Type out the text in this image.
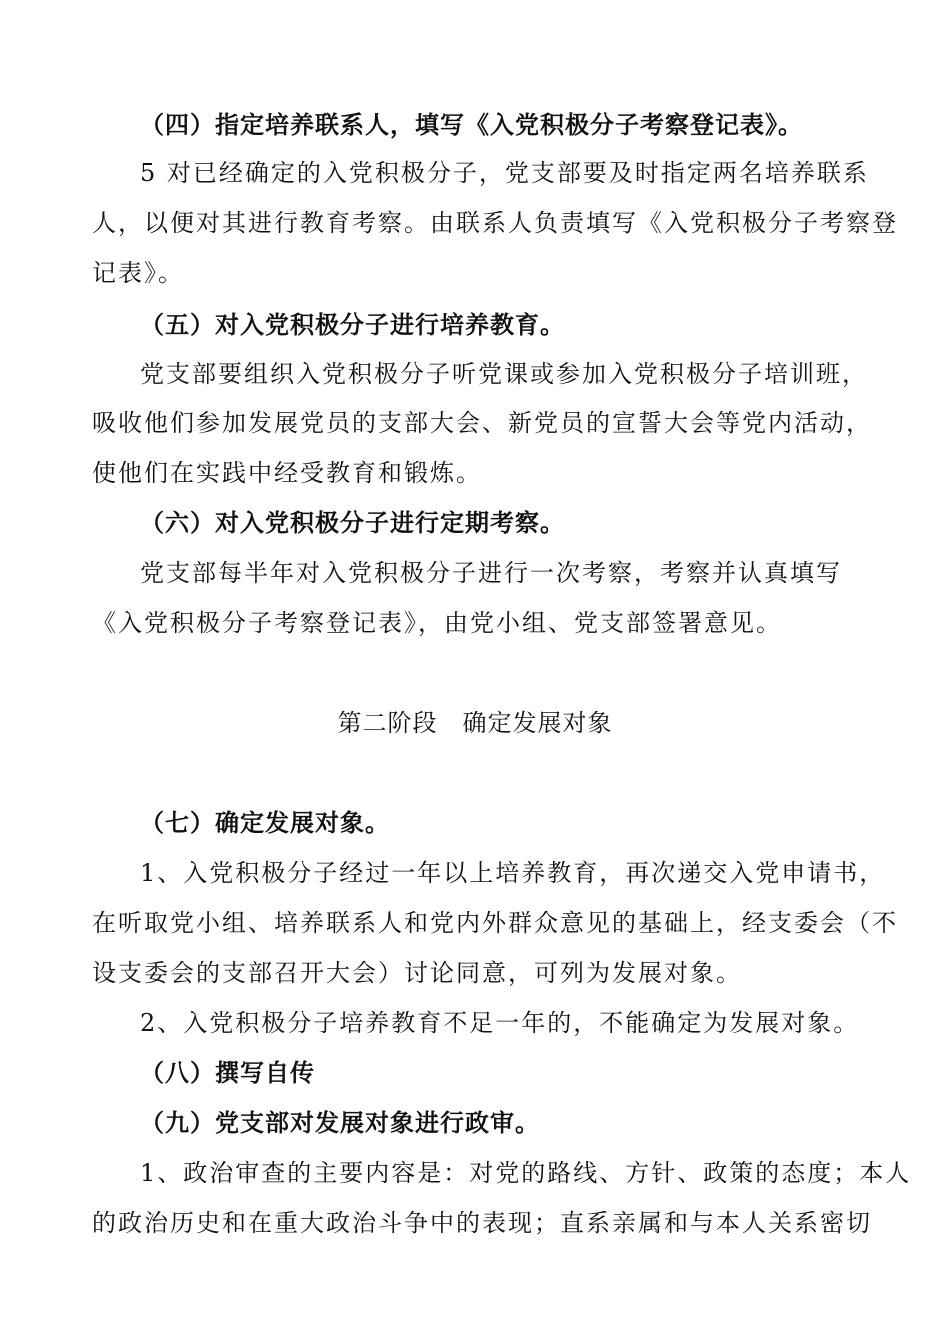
（四）指定培养联系人，填写《入党积极分子考察登记表》。
5 对已经确定的入党积极分子，党支部要及时指定两名培养联系
人，以便对其进行教育考察。由联系人负责填写《入党积极分子考察登
记表》。
（五）对入党积极分子进行培养教育。
党支部要组织入党积极分子听党课或参加入党积极分子培训班，
吸收他们参加发展党员的支部大会、新党员的宣誓大会等党内活动，
使他们在实践中经受教育和锻炼。
（六）对入党积极分子进行定期考察。
党支部每半年对入党积极分子进行一次考察，考察并认真填写
《入党积极分子考察登记表》，由党小组、党支部签署意见。
第二阶段　确定发展对象
（七）确定发展对象。
1、入党积极分子经过一年以上培养教育，再次递交入党申请书，
在听取党小组、培养联系人和党内外群众意见的基础上，经支委会（不
设支委会的支部召开大会）讨论同意，可列为发展对象。
2、入党积极分子培养教育不足一年的，不能确定为发展对象。
（八）撰写自传
（九）党支部对发展对象进行政审。
1、政治审查的主要内容是：对党的路线、方针、政策的态度；本人
的政治历史和在重大政治斗争中的表现；直系亲属和与本人关系密切
